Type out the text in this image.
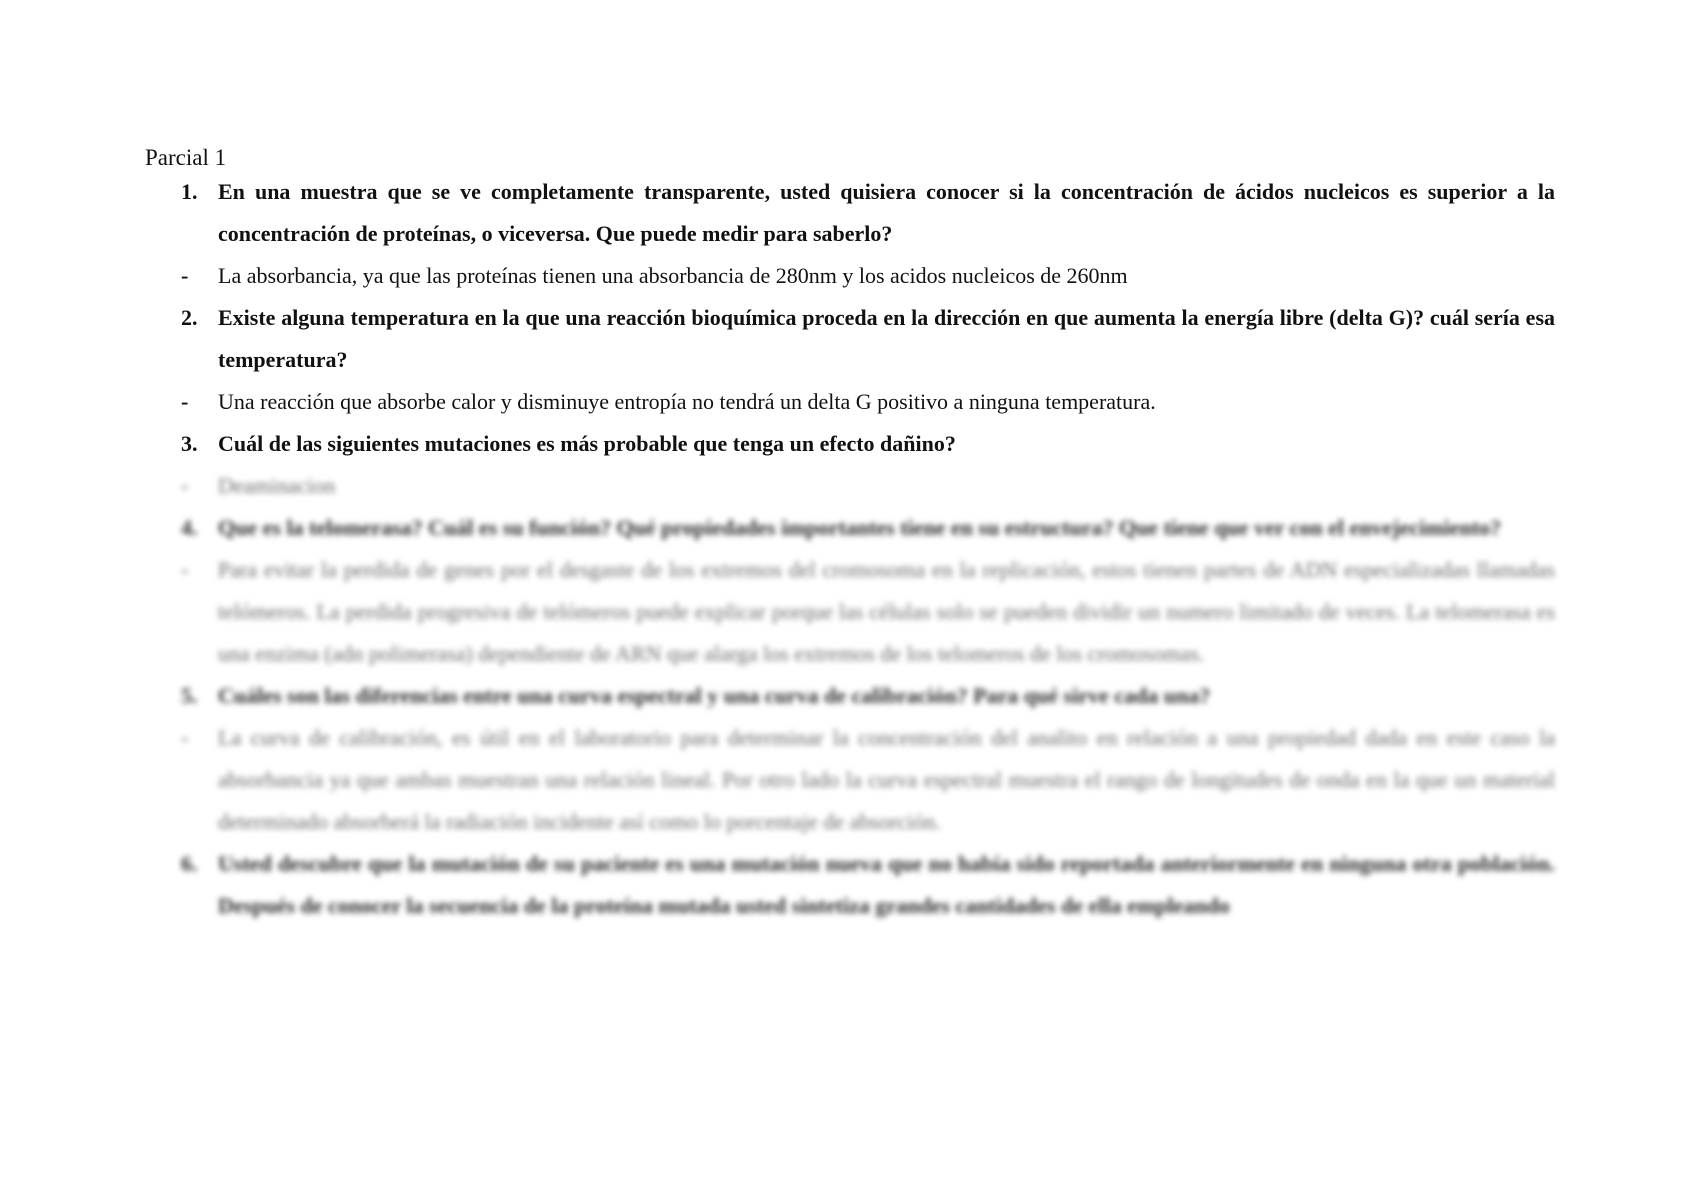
Parcial 1
1. En una muestra que se ve completamente transparente, usted quisiera conocer si la concentración de ácidos nucleicos es superior a la concentración de proteínas, o viceversa. Que puede medir para saberlo?
- La absorbancia, ya que las proteínas tienen una absorbancia de 280nm y los acidos nucleicos de 260nm
2. Existe alguna temperatura en la que una reacción bioquímica proceda en la dirección en que aumenta la energía libre (delta G)? cuál sería esa temperatura?
- Una reacción que absorbe calor y disminuye entropía no tendrá un delta G positivo a ninguna temperatura.
3. Cuál de las siguientes mutaciones es más probable que tenga un efecto dañino?
- Deaminacion
4. Que es la telomerasa? Cuál es su función? Qué propiedades importantes tiene en su estructura? Que tiene que ver con el envejecimiento?
- Para evitar la perdida de genes por el desgaste de los extremos del cromosoma en la replicación, estos tienen partes de ADN especializadas llamadas telómeros. La perdida progresiva de telómeros puede explicar porque las células solo se pueden dividir un numero limitado de veces. La telomerasa es una enzima (adn polimerasa) dependiente de ARN que alarga los extremos de los telomeros de los cromosomas.
5. Cuáles son las diferencias entre una curva espectral y una curva de calibración? Para qué sirve cada una?
- La curva de calibración, es útil en el laboratorio para determinar la concentración del analito en relación a una propiedad dada en este caso la absorbancia ya que ambas muestran una relación lineal. Por otro lado la curva espectral muestra el rango de longitudes de onda en la que un material determinado absorberá la radiación incidente así como lo porcentaje de absorción.
6. Usted descubre que la mutación de su paciente es una mutación nueva que no había sido reportada anteriormente en ninguna otra población. Después de conocer la secuencia de la proteína mutada usted sintetiza grandes cantidades de ella empleando
